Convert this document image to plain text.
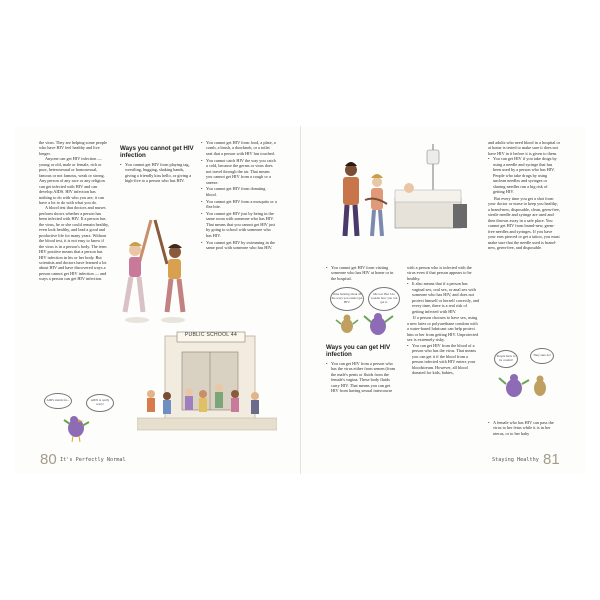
the virus. They are helping some people who have HIV feel healthy and live longer.

Anyone can get HIV infection — young or old, male or female, rich or poor, heterosexual or homosexual, famous or not famous, weak or strong. Any person of any race or any religion can get infected with HIV and can develop AIDS. HIV infection has nothing to do with who you are; it can have a lot to do with what you do.

A blood test that doctors and nurses perform shows whether a person has been infected with HIV. If a person has the virus, he or she could remain healthy, even look healthy, and lead a good and productive life for many years. Without the blood test, it is not easy to know if the virus is in a person's body. The term HIV positive means that a person has HIV infection in his or her body. But scientists and doctors have learned a lot about HIV and have discovered ways a person cannot get HIV infection — and ways a person can get HIV infection.

Ways you cannot get HIV infection
• You cannot get HIV from playing tag, wrestling, hugging, shaking hands, giving a friendly kiss hello, or giving a high-five to a person who has HIV.
• You cannot get HIV from food, a plate, a comb, a brush, a doorknob, or a toilet seat that a person with HIV has touched.
• You cannot catch HIV the way you catch a cold, because the germs or virus does not travel through the air. That means you cannot get HIV from a cough or a sneeze.
• You cannot get HIV from donating blood.
• You cannot get HIV from a mosquito or a flea bite.
• You cannot get HIV just by being in the same room with someone who has HIV. That means that you cannot get HIV just by going to school with someone who has HIV.
• You cannot get HIV by swimming in the same pool with someone who has HIV.
PUBLIC SCHOOL 44
AIDS stands for...	AIDS is really scary!
80 It's Perfectly Normal
I like hearing about all the ways you cannot get HIV.
Me too! But I do wonder how you can get it.
• You cannot get HIV from visiting someone who has HIV at home or in the hospital.
Ways you can get HIV infection
• You can get HIV from a person who has the virus either from semen (from the male's penis or fluids from the female's vagina. These body fluids carry HIV. That means you can get HIV from having sexual intercourse

with a person who is infected with the virus even if that person appears to be healthy.

• It also means that if a person has vaginal sex, oral sex, or anal sex with someone who has HIV, and does not protect himself or herself correctly, and every time, there is a real risk of getting infected with HIV.

If a person chooses to have sex, using a new latex or polyurethane condom with a water-based lubricant can help protect him or her from getting HIV. Unprotected sex is extremely risky.

• You can get HIV from the blood of a person who has the virus. That means you can get it if the blood from a person infected with HIV enters your bloodstream. However, all blood donated for kids, babies,

and adults who need blood in a hospital or at home is tested to make sure it does not have HIV in it before it is given to them.

• You can get HIV if you take drugs by using a needle and syringe that has been used by a person who has HIV. People who take drugs by using unclean needles and syringes or sharing needles run a big risk of getting HIV.

But every time you get a shot from your doctor or nurse to keep you healthy, a brand-new, disposable, clean, germ-free, sterile needle and syringe are used and then thrown away in a safe place. You cannot get HIV from brand-new, germ-free needles and syringes. If you have your ears pierced or get a tattoo, you must make sure that the needle used is brand-new, germ-free, and disposable.

People have to be careful!
They sure do!
• A female who has HIV can pass the virus to her fetus while it is in her uterus, or to her baby
Staying Healthy 81
